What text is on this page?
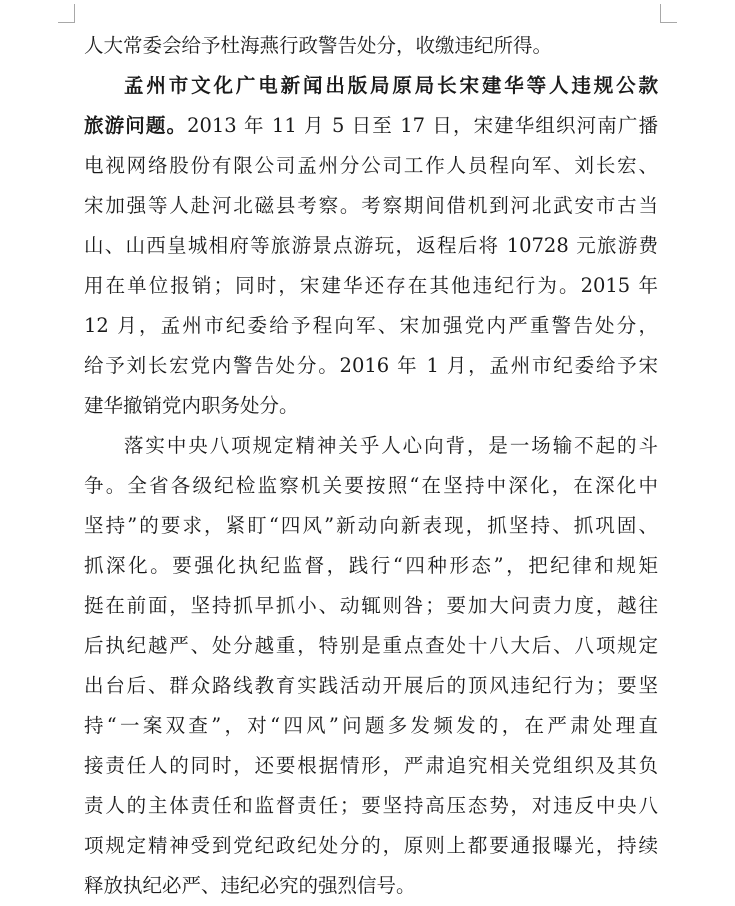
人大常委会给予杜海燕行政警告处分，收缴违纪所得。
孟州市文化广电新闻出版局原局长宋建华等人违规公款
旅游问题。2013 年 11 月 5 日至 17 日，宋建华组织河南广播
电视网络股份有限公司孟州分公司工作人员程向军、刘长宏、
宋加强等人赴河北磁县考察。考察期间借机到河北武安市古当
山、山西皇城相府等旅游景点游玩，返程后将 10728 元旅游费
用在单位报销；同时，宋建华还存在其他违纪行为。2015 年
12 月，孟州市纪委给予程向军、宋加强党内严重警告处分，
给予刘长宏党内警告处分。2016 年 1 月，孟州市纪委给予宋
建华撤销党内职务处分。
落实中央八项规定精神关乎人心向背，是一场输不起的斗
争。全省各级纪检监察机关要按照“在坚持中深化，在深化中
坚持”的要求，紧盯“四风”新动向新表现，抓坚持、抓巩固、
抓深化。要强化执纪监督，践行“四种形态”，把纪律和规矩
挺在前面，坚持抓早抓小、动辄则咎；要加大问责力度，越往
后执纪越严、处分越重，特别是重点查处十八大后、八项规定
出台后、群众路线教育实践活动开展后的顶风违纪行为；要坚
持“一案双查”，对“四风”问题多发频发的，在严肃处理直
接责任人的同时，还要根据情形，严肃追究相关党组织及其负
责人的主体责任和监督责任；要坚持高压态势，对违反中央八
项规定精神受到党纪政纪处分的，原则上都要通报曝光，持续
释放执纪必严、违纪必究的强烈信号。
